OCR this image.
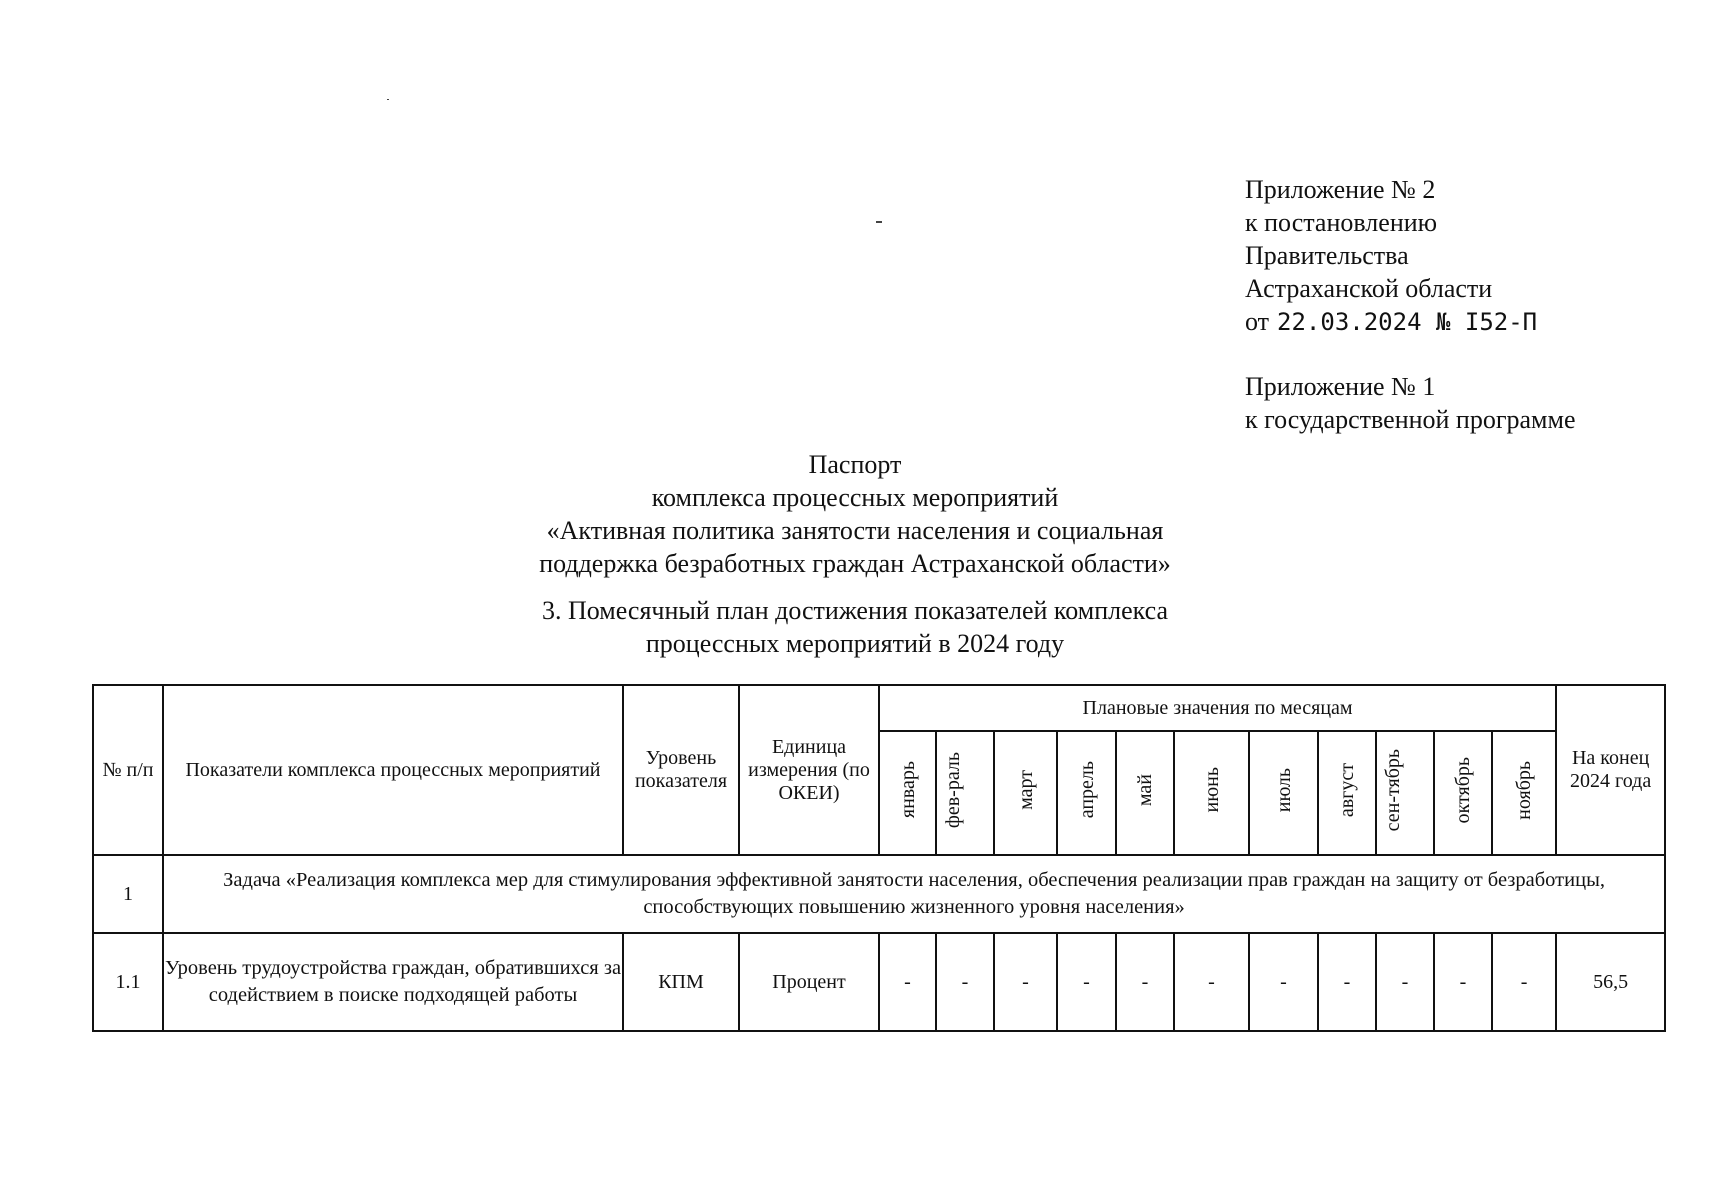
Приложение № 2
к постановлению
Правительства
Астраханской области
от 22.03.2024 № I52-П
Приложение № 1
к государственной программе
Паспорт
комплекса процессных мероприятий
«Активная политика занятости населения и социальная
поддержка безработных граждан Астраханской области»
3. Помесячный план достижения показателей комплекса
процессных мероприятий в 2024 году
№ п/п	Показатели комплекса процессных мероприятий	Уровень показателя	Единица измерения (по ОКЕИ)	Плановые значения по месяцам											На конец 2024 года
				январь	фев-раль	март	апрель	май	июнь	июль	август	сен-тябрь	октябрь	ноябрь	
1	Задача «Реализация комплекса мер для стимулирования эффективной занятости населения, обеспечения реализации прав граждан на защиту от безработицы, способствующих повышению жизненного уровня населения»														
1.1	Уровень трудоустройства граждан, обратившихся за содействием в поиске подходящей работы	КПМ	Процент	-	-	-	-	-	-	-	-	-	-	-	56,5
